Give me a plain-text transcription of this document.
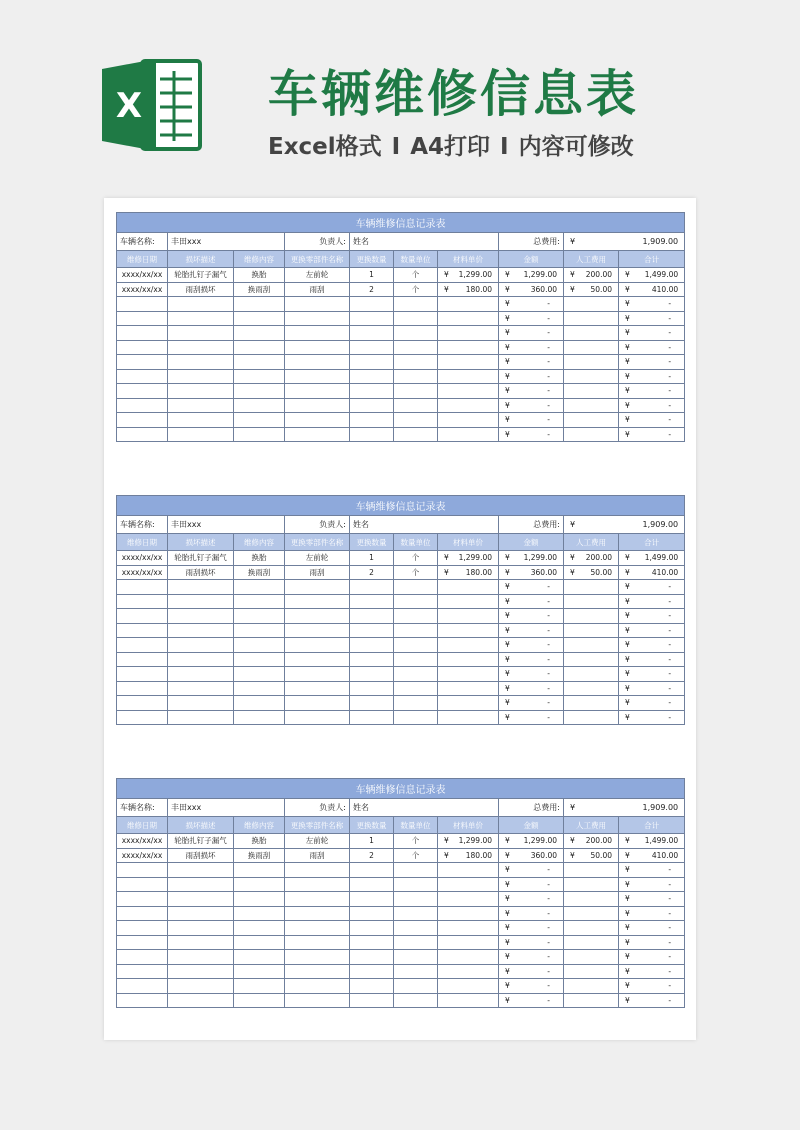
X	车辆维修信息表
Excel格式 I A4打印 I 内容可修改
车辆维修信息记录表									
车辆名称:	丰田xxx		负责人:	姓名			总费用:	¥ 1,909.00	

维修日期	损坏描述	维修内容	更换零部件名称	更换数量	数量单位	材料单价	金额	人工费用	合计
xxxx/xx/xx	轮胎扎钉子漏气	换胎	左前轮	1	个	¥ 1,299.00	¥ 1,299.00	¥ 200.00	¥ 1,499.00

xxxx/xx/xx	雨刮损坏	换雨刮	雨刮	2	个	¥ 180.00	¥ 360.00	¥ 50.00	¥ 410.00

							¥ -		¥ -

							¥ -		¥ -

							¥ -		¥ -

							¥ -		¥ -

							¥ -		¥ -

							¥ -		¥ -

							¥ -		¥ -

							¥ -		¥ -

							¥ -		¥ -

							¥ -		¥ -
车辆维修信息记录表									
车辆名称:	丰田xxx		负责人:	姓名			总费用:	¥ 1,909.00	

维修日期	损坏描述	维修内容	更换零部件名称	更换数量	数量单位	材料单价	金额	人工费用	合计
xxxx/xx/xx	轮胎扎钉子漏气	换胎	左前轮	1	个	¥ 1,299.00	¥ 1,299.00	¥ 200.00	¥ 1,499.00

xxxx/xx/xx	雨刮损坏	换雨刮	雨刮	2	个	¥ 180.00	¥ 360.00	¥ 50.00	¥ 410.00

							¥ -		¥ -

							¥ -		¥ -

							¥ -		¥ -

							¥ -		¥ -

							¥ -		¥ -

							¥ -		¥ -

							¥ -		¥ -

							¥ -		¥ -

							¥ -		¥ -

							¥ -		¥ -
车辆维修信息记录表									
车辆名称:	丰田xxx		负责人:	姓名			总费用:	¥ 1,909.00	

维修日期	损坏描述	维修内容	更换零部件名称	更换数量	数量单位	材料单价	金额	人工费用	合计
xxxx/xx/xx	轮胎扎钉子漏气	换胎	左前轮	1	个	¥ 1,299.00	¥ 1,299.00	¥ 200.00	¥ 1,499.00

xxxx/xx/xx	雨刮损坏	换雨刮	雨刮	2	个	¥ 180.00	¥ 360.00	¥ 50.00	¥ 410.00

							¥ -		¥ -

							¥ -		¥ -

							¥ -		¥ -

							¥ -		¥ -

							¥ -		¥ -

							¥ -		¥ -

							¥ -		¥ -

							¥ -		¥ -

							¥ -		¥ -

							¥ -		¥ -
